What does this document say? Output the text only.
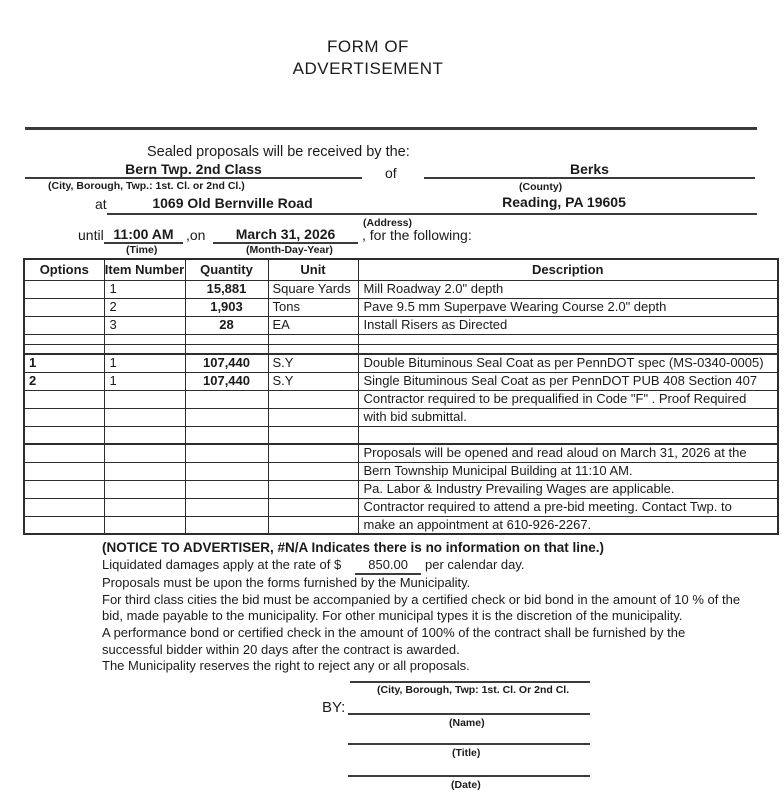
FORM OF
ADVERTISEMENT
Sealed proposals will be received by the:
Bern Twp. 2nd Class	of	Berks
(City, Borough, Twp.: 1st. Cl. or 2nd Cl.)	(County)
at	1069 Old Bernville Road	Reading, PA 19605
(Address)
until 11:00 AM ,on	March 31, 2026	, for the following:
(Time)	(Month-Day-Year)
Options	Item Number	Quantity	Unit	Description
	1	15,881	Square Yards	Mill Roadway 2.0" depth
	2	1,903	Tons	Pave 9.5 mm Superpave Wearing Course 2.0" depth
	3	28	EA	Install Risers as Directed

1	1	107,440	S.Y	Double Bituminous Seal Coat as per PennDOT spec (MS-0340-0005)
2	1	107,440	S.Y	Single Bituminous Seal Coat as per PennDOT PUB 408 Section 407
				Contractor required to be prequalified in Code "F" . Proof Required
				with bid submittal.

				Proposals will be opened and read aloud on March 31, 2026 at the
				Bern Township Municipal Building at 11:10 AM.
				Pa. Labor & Industry Prevailing Wages are applicable.
				Contractor required to attend a pre-bid meeting. Contact Twp. to
				make an appointment at 610-926-2267.
(NOTICE TO ADVERTISER, #N/A Indicates there is no information on that line.)
Liquidated damages apply at the rate of $ 850.00 per calendar day.
Proposals must be upon the forms furnished by the Municipality.
For third class cities the bid must be accompanied by a certified check or bid bond in the amount of 10 % of the
bid, made payable to the municipality. For other municipal types it is the discretion of the municipality.
A performance bond or certified check in the amount of 100% of the contract shall be furnished by the
successful bidder within 20 days after the contract is awarded.
The Municipality reserves the right to reject any or all proposals.
(City, Borough, Twp: 1st. Cl. Or 2nd Cl.
BY:
(Name)
(Title)
(Date)
